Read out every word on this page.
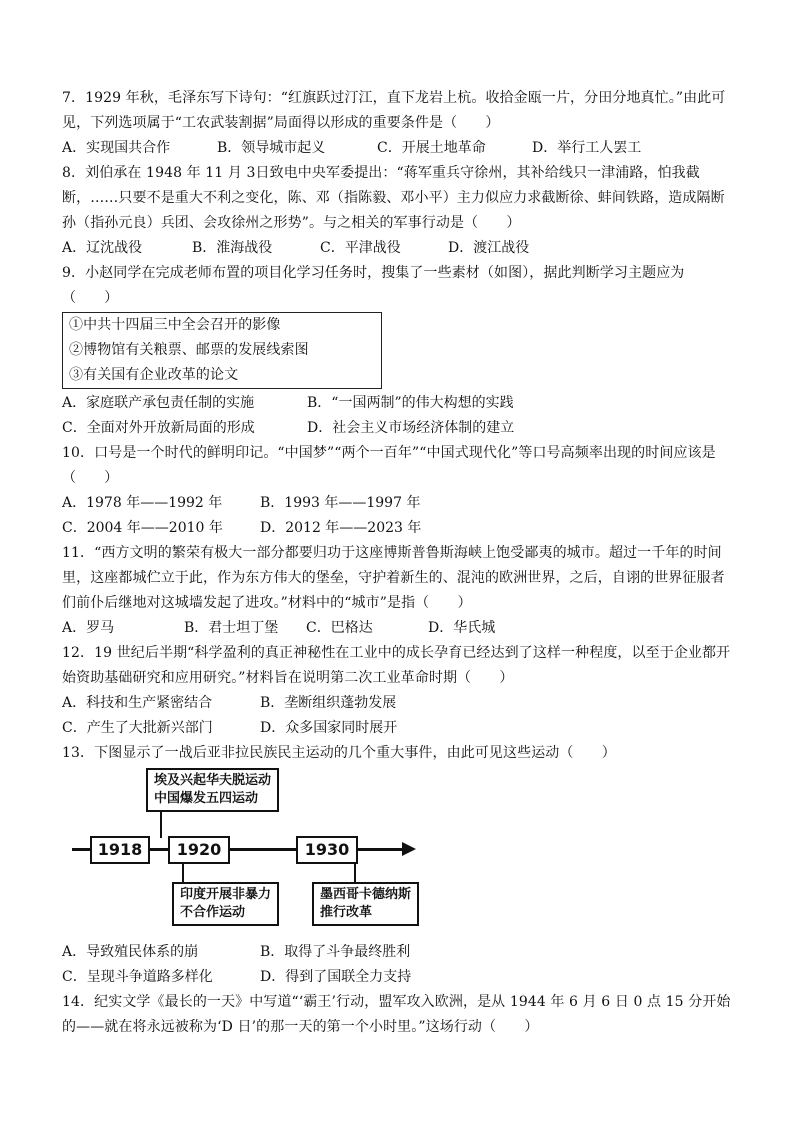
7．1929 年秋，毛泽东写下诗句：“红旗跃过汀江，直下龙岩上杭。收拾金瓯一片，分田分地真忙。”由此可
见，下列选项属于“工农武装割据”局面得以形成的重要条件是（　　）
A．实现国共合作	B．领导城市起义	C．开展土地革命	D．举行工人罢工
8．刘伯承在 1948 年 11 月 3日致电中央军委提出：“蒋军重兵守徐州，其补给线只一津浦路，怕我截
断，……只要不是重大不利之变化，陈、邓（指陈毅、邓小平）主力似应力求截断徐、蚌间铁路，造成隔断
孙（指孙元良）兵团、会攻徐州之形势”。与之相关的军事行动是（　　）
A．辽沈战役	B．淮海战役	C．平津战役	D．渡江战役
9．小赵同学在完成老师布置的项目化学习任务时，搜集了一些素材（如图），据此判断学习主题应为
（　　）
①中共十四届三中全会召开的影像
②博物馆有关粮票、邮票的发展线索图
③有关国有企业改革的论文
A．家庭联产承包责任制的实施	B．“一国两制”的伟大构想的实践
C．全面对外开放新局面的形成	D．社会主义市场经济体制的建立
10．口号是一个时代的鲜明印记。“中国梦”“两个一百年”“中国式现代化”等口号高频率出现的时间应该是
（　　）
A．1978 年——1992 年	B．1993 年——1997 年
C．2004 年——2010 年	D．2012 年——2023 年
11．“西方文明的繁荣有极大一部分都要归功于这座博斯普鲁斯海峡上饱受鄙夷的城市。超过一千年的时间
里，这座都城伫立于此，作为东方伟大的堡垒，守护着新生的、混沌的欧洲世界，之后，自诩的世界征服者
们前仆后继地对这城墙发起了进攻。”材料中的“城市”是指（　　）
A．罗马	B．君士坦丁堡	C．巴格达	D．华氏城
12．19 世纪后半期“科学盈利的真正神秘性在工业中的成长孕育已经达到了这样一种程度，以至于企业都开
始资助基础研究和应用研究。”材料旨在说明第二次工业革命时期（　　）
A．科技和生产紧密结合	B．垄断组织蓬勃发展
C．产生了大批新兴部门	D．众多国家同时展开
13．下图显示了一战后亚非拉民族民主运动的几个重大事件，由此可见这些运动（　　）
1918	1920	1930
埃及兴起华夫脱运动
中国爆发五四运动
印度开展非暴力
不合作运动
墨西哥卡德纳斯
推行改革
A．导致殖民体系的崩	B．取得了斗争最终胜利
C．呈现斗争道路多样化	D．得到了国联全力支持
14．纪实文学《最长的一天》中写道“‘霸王’行动，盟军攻入欧洲，是从 1944 年 6 月 6 日 0 点 15 分开始
的——就在将永远被称为‘D 日’的那一天的第一个小时里。”这场行动（　　）
